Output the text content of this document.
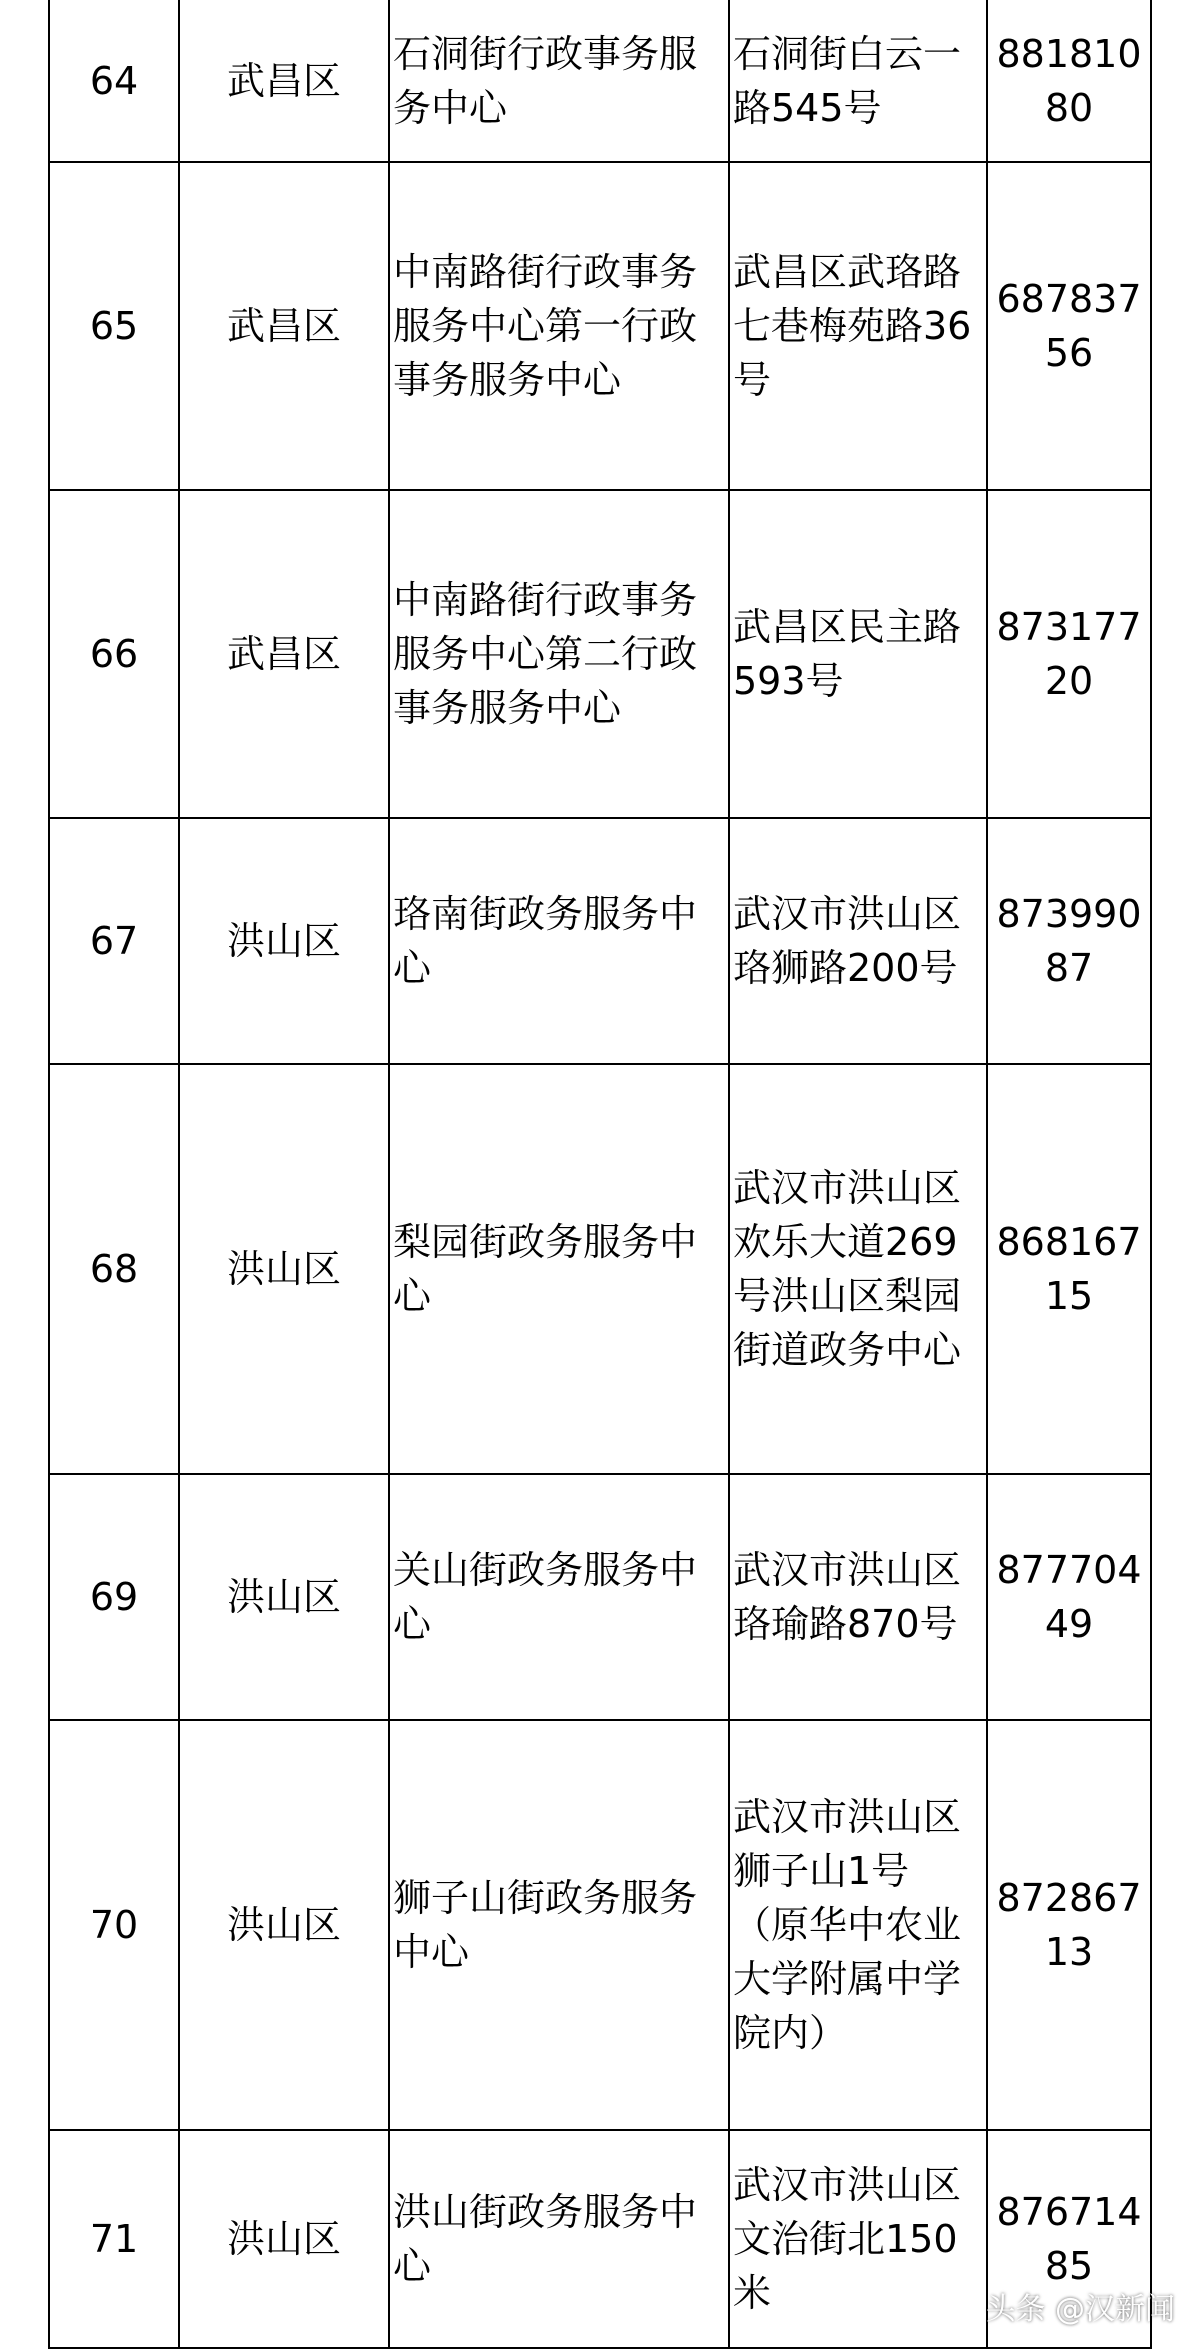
64	武昌区	石洞街行政事务服务中心	石洞街白云一路545号	88181080
65	武昌区	中南路街行政事务服务中心第一行政事务服务中心	武昌区武珞路七巷梅苑路36号	68783756
66	武昌区	中南路街行政事务服务中心第二行政事务服务中心	武昌区民主路593号	87317720
67	洪山区	珞南街政务服务中心	武汉市洪山区珞狮路200号	87399087
68	洪山区	梨园街政务服务中心	武汉市洪山区欢乐大道269号洪山区梨园街道政务中心	86816715
69	洪山区	关山街政务服务中心	武汉市洪山区珞瑜路870号	87770449
70	洪山区	狮子山街政务服务中心	武汉市洪山区狮子山1号（原华中农业大学附属中学院内）	87286713
71	洪山区	洪山街政务服务中心	武汉市洪山区文治街北150米	87671485
头条 @汉新闻
